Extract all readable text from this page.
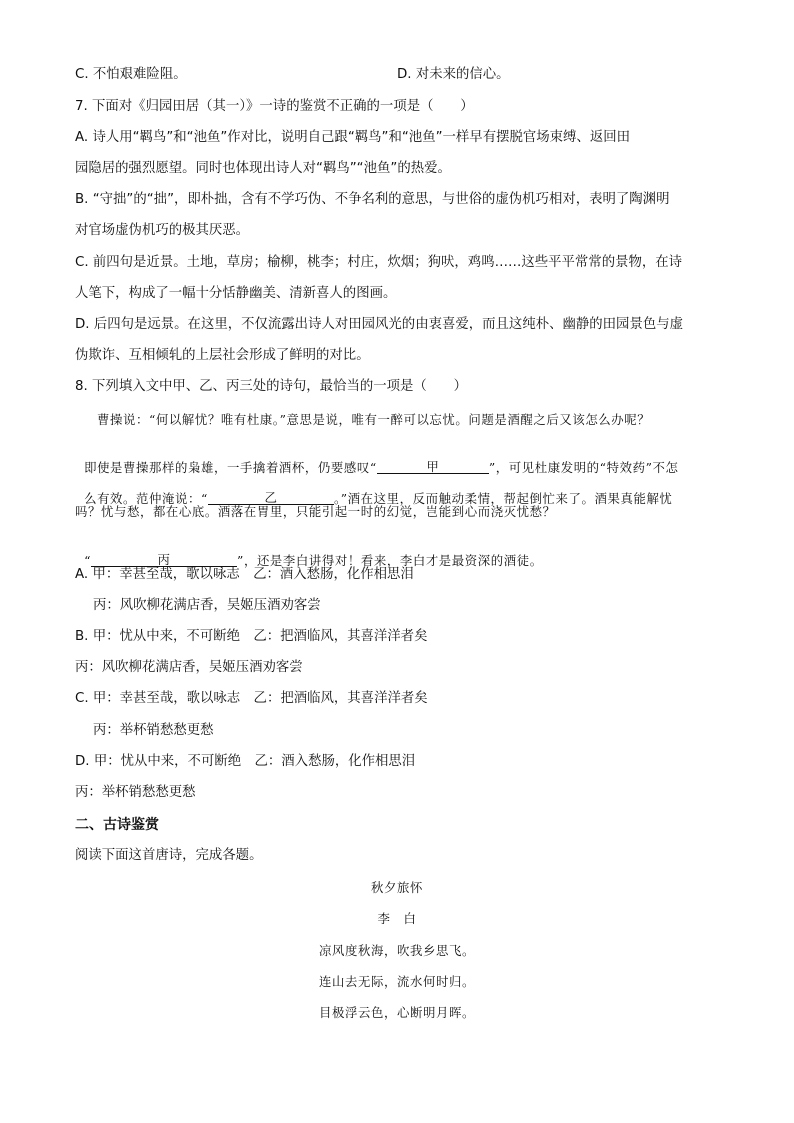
C. 不怕艰难险阻。	D. 对未来的信心。
7. 下面对《归园田居（其一）》一诗的鉴赏不正确的一项是（　　）
A. 诗人用“羁鸟”和“池鱼”作对比，说明自己跟“羁鸟”和“池鱼”一样早有摆脱官场束缚、返回田
园隐居的强烈愿望。同时也体现出诗人对“羁鸟”“池鱼”的热爱。
B. “守拙”的“拙”，即朴拙，含有不学巧伪、不争名利的意思，与世俗的虚伪机巧相对，表明了陶渊明
对官场虚伪机巧的极其厌恶。
C. 前四句是近景。土地，草房；榆柳，桃李；村庄，炊烟；狗吠，鸡鸣……这些平平常常的景物，在诗
人笔下，构成了一幅十分恬静幽美、清新喜人的图画。
D. 后四句是远景。在这里，不仅流露出诗人对田园风光的由衷喜爱，而且这纯朴、幽静的田园景色与虚
伪欺诈、互相倾轧的上层社会形成了鲜明的对比。
8. 下列填入文中甲、乙、丙三处的诗句，最恰当的一项是（　　）
曹操说：“何以解忧？唯有杜康。”意思是说，唯有一醉可以忘忧。问题是酒醒之后又该怎么办呢？

即使是曹操那样的枭雄，一手擒着酒杯，仍要感叹“	甲	”，可见杜康发明的“特效药”不怎

么有效。范仲淹说：“	乙	。”酒在这里，反而触动柔情，帮起倒忙来了。酒果真能解忧

吗？忧与愁，都在心底。酒落在胃里，只能引起一时的幻觉，岂能到心而浇灭忧愁？

“	丙	”，还是李白讲得对！看来，李白才是最资深的酒徒。

A. 甲：幸甚至哉，歌以咏志　乙：酒入愁肠，化作相思泪
丙：风吹柳花满店香，吴姬压酒劝客尝
B. 甲：忧从中来，不可断绝　乙：把酒临风，其喜洋洋者矣
丙：风吹柳花满店香，吴姬压酒劝客尝
C. 甲：幸甚至哉，歌以咏志　乙：把酒临风，其喜洋洋者矣
丙：举杯销愁愁更愁
D. 甲：忧从中来，不可断绝　乙：酒入愁肠，化作相思泪
丙：举杯销愁愁更愁
二、古诗鉴赏
阅读下面这首唐诗，完成各题。
秋夕旅怀
李　白
凉风度秋海，吹我乡思飞。
连山去无际，流水何时归。
目极浮云色，心断明月晖。
